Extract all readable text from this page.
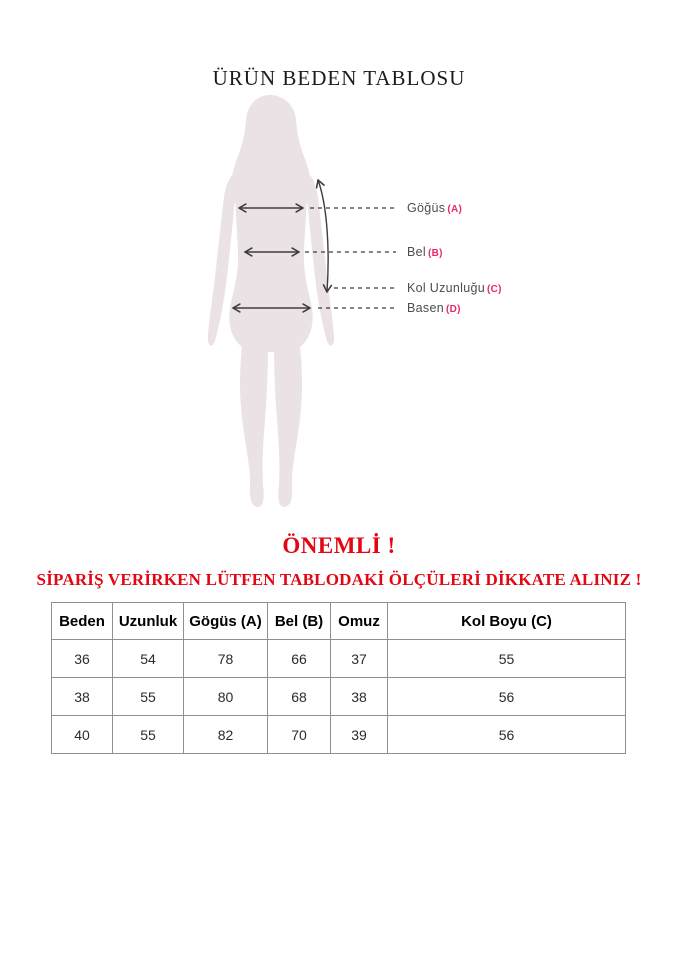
ÜRÜN BEDEN TABLOSU
Göğüs (A)
Bel (B)
Kol Uzunluğu (C)
Basen (D)
ÖNEMLİ !
SİPARİŞ VERİRKEN LÜTFEN TABLODAKİ ÖLÇÜLERİ DİKKATE ALINIZ !
Beden	Uzunluk	Gögüs (A)	Bel (B)	Omuz	Kol Boyu (C)
36	54	78	66	37	55
38	55	80	68	38	56
40	55	82	70	39	56
